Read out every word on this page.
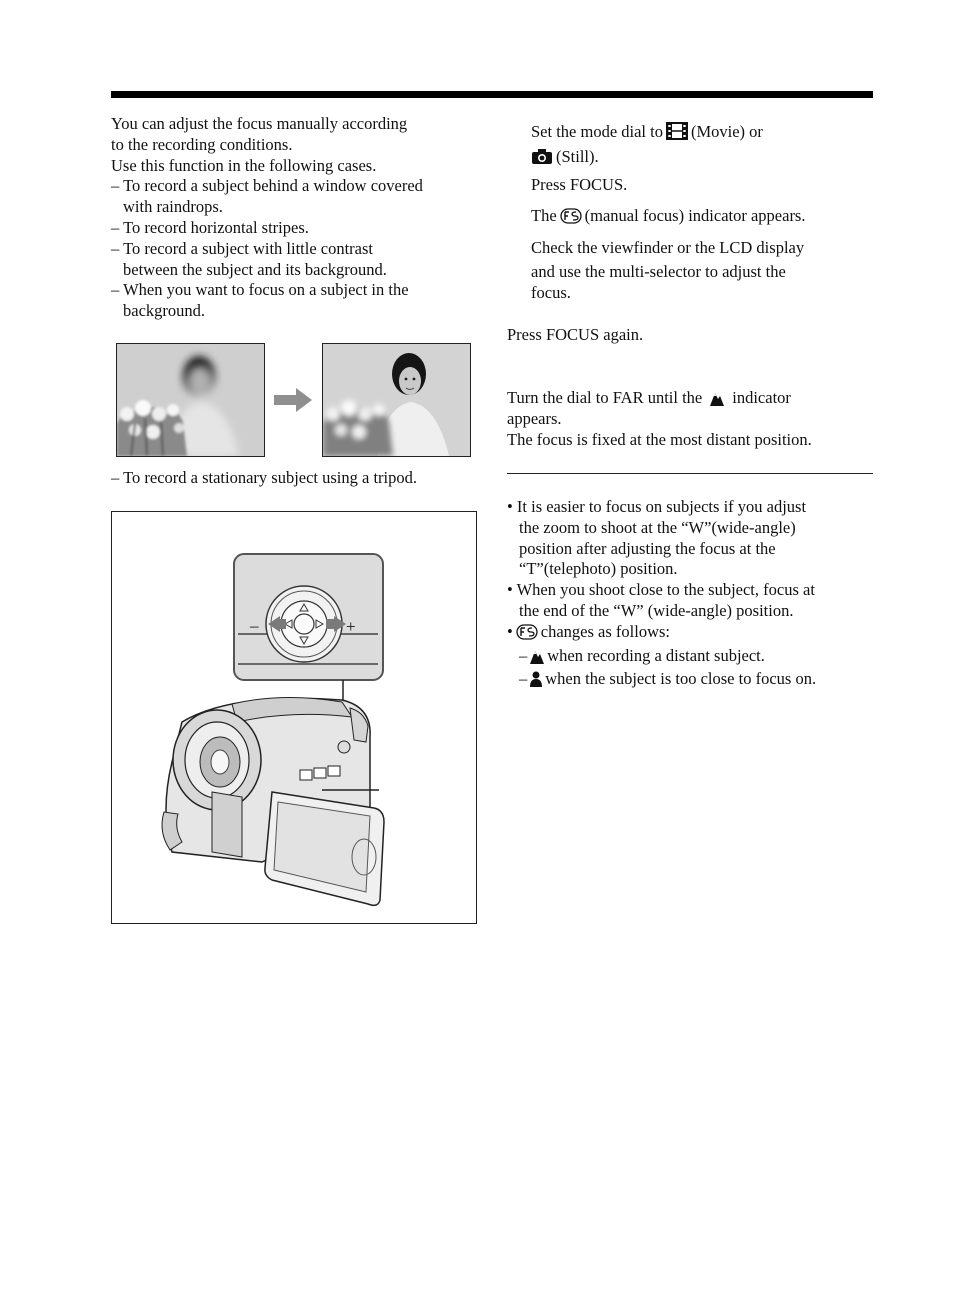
You can adjust the focus manually according

to the recording conditions.

Use this function in the following cases.

– To record a subject behind a window covered

with raindrops.

– To record horizontal stripes.

– To record a subject with little contrast

between the subject and its background.

– When you want to focus on a subject in the

background.

– To record a stationary subject using a tripod.
–	+
Set the mode dial to (Movie) or
(Still).
Press FOCUS.
The (manual focus) indicator appears.
Check the viewfinder or the LCD display
and use the multi-selector to adjust the
focus.
Press FOCUS again.
Turn the dial to FAR until the indicator
appears.
The focus is fixed at the most distant position.

• It is easier to focus on subjects if you adjust

the zoom to shoot at the “W”(wide-angle)

position after adjusting the focus at the

“T”(telephoto) position.

• When you shoot close to the subject, focus at

the end of the “W” (wide-angle) position.

• changes as follows:

– when recording a distant subject.

– when the subject is too close to focus on.
